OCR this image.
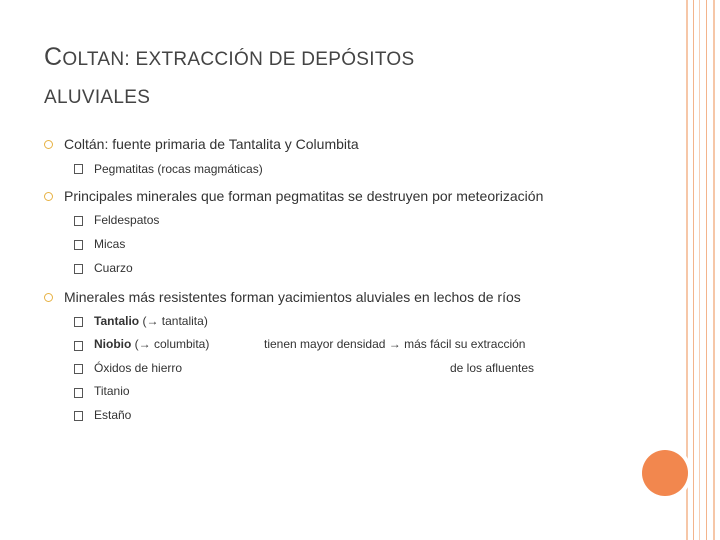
COLTAN: EXTRACCIÓN DE DEPÓSITOS
ALUVIALES
Coltán: fuente primaria de Tantalita y Columbita
Pegmatitas (rocas magmáticas)
Principales minerales que forman pegmatitas se destruyen por meteorización
Feldespatos
Micas
Cuarzo
Minerales más resistentes forman yacimientos aluviales en lechos de ríos
Tantalio (→ tantalita)
Niobio (→ columbita)
Óxidos de hierro
Titanio
Estaño
tienen mayor densidad → más fácil su extracción
de los afluentes
